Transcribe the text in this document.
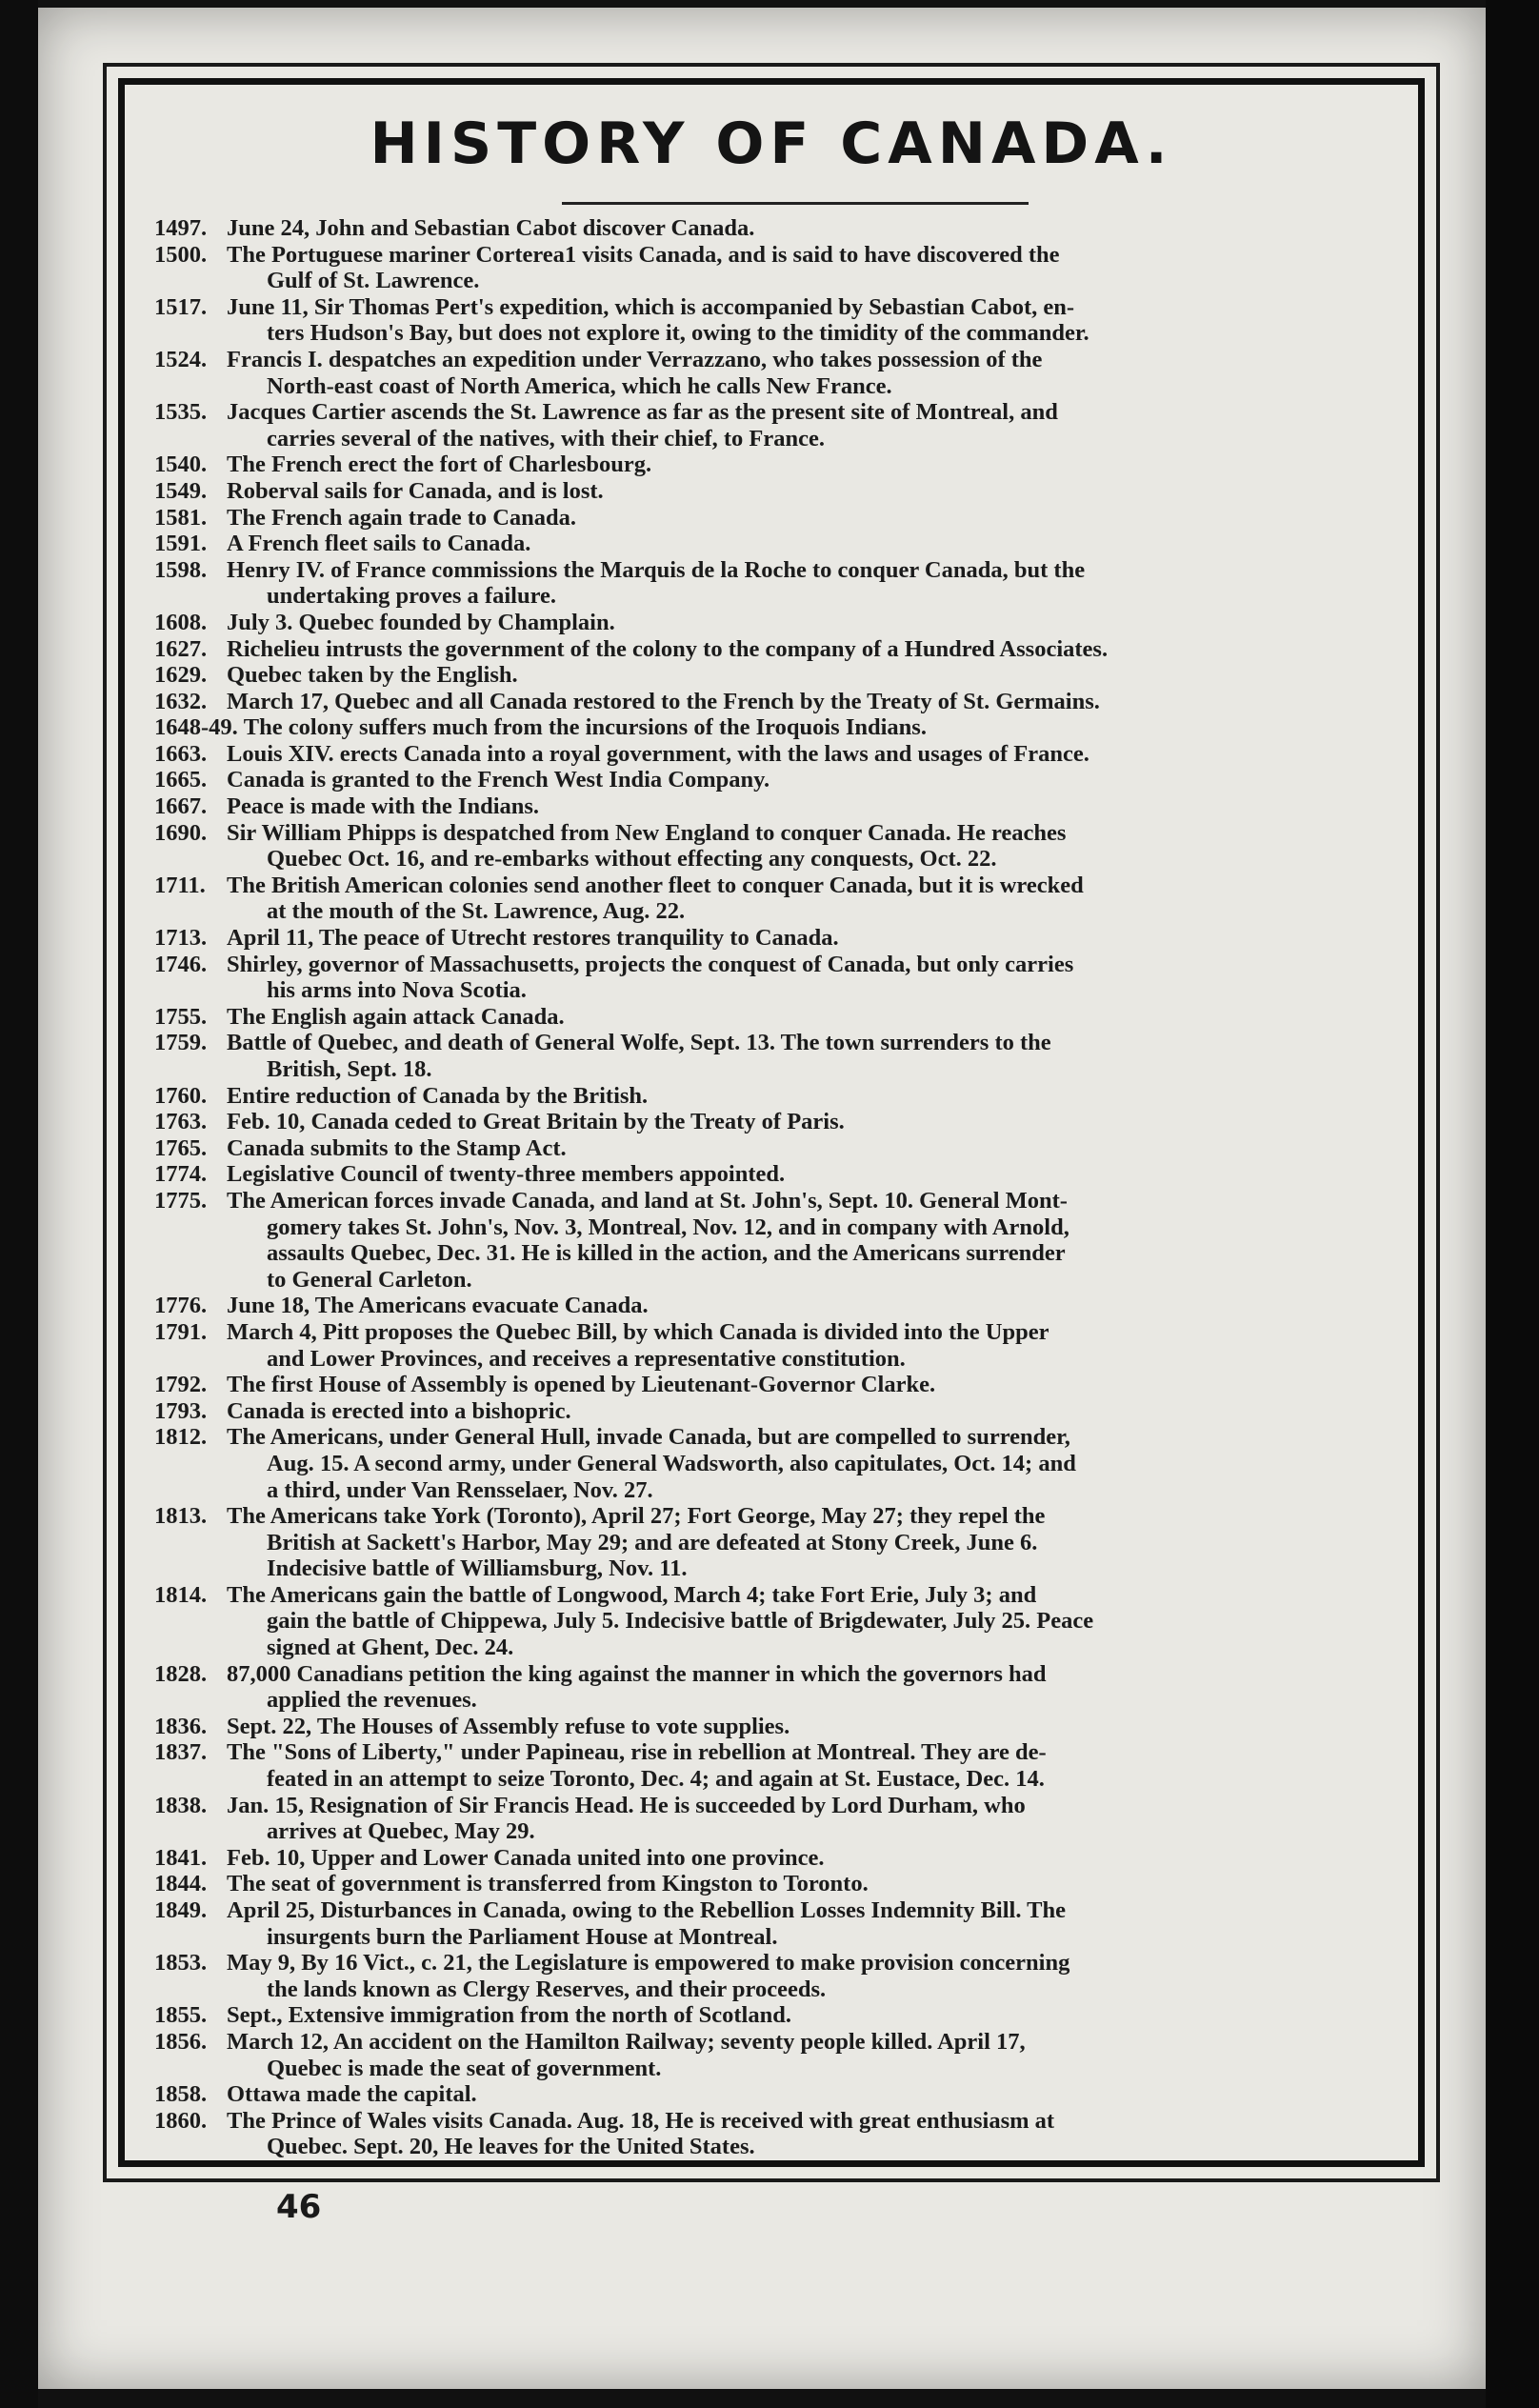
HISTORY OF CANADA.
1497. June 24, John and Sebastian Cabot discover Canada.
1500. The Portuguese mariner Corterea1 visits Canada, and is said to have discovered the
Gulf of St. Lawrence.
1517. June 11, Sir Thomas Pert's expedition, which is accompanied by Sebastian Cabot, en-
ters Hudson's Bay, but does not explore it, owing to the timidity of the commander.
1524. Francis I. despatches an expedition under Verrazzano, who takes possession of the
North-east coast of North America, which he calls New France.
1535. Jacques Cartier ascends the St. Lawrence as far as the present site of Montreal, and
carries several of the natives, with their chief, to France.
1540. The French erect the fort of Charlesbourg.
1549. Roberval sails for Canada, and is lost.
1581. The French again trade to Canada.
1591. A French fleet sails to Canada.
1598. Henry IV. of France commissions the Marquis de la Roche to conquer Canada, but the
undertaking proves a failure.
1608. July 3. Quebec founded by Champlain.
1627. Richelieu intrusts the government of the colony to the company of a Hundred Associates.
1629. Quebec taken by the English.
1632. March 17, Quebec and all Canada restored to the French by the Treaty of St. Germains.
1648-49. The colony suffers much from the incursions of the Iroquois Indians.
1663. Louis XIV. erects Canada into a royal government, with the laws and usages of France.
1665. Canada is granted to the French West India Company.
1667. Peace is made with the Indians.
1690. Sir William Phipps is despatched from New England to conquer Canada. He reaches
Quebec Oct. 16, and re-embarks without effecting any conquests, Oct. 22.
1711. The British American colonies send another fleet to conquer Canada, but it is wrecked
at the mouth of the St. Lawrence, Aug. 22.
1713. April 11, The peace of Utrecht restores tranquility to Canada.
1746. Shirley, governor of Massachusetts, projects the conquest of Canada, but only carries
his arms into Nova Scotia.
1755. The English again attack Canada.
1759. Battle of Quebec, and death of General Wolfe, Sept. 13. The town surrenders to the
British, Sept. 18.
1760. Entire reduction of Canada by the British.
1763. Feb. 10, Canada ceded to Great Britain by the Treaty of Paris.
1765. Canada submits to the Stamp Act.
1774. Legislative Council of twenty-three members appointed.
1775. The American forces invade Canada, and land at St. John's, Sept. 10. General Mont-
gomery takes St. John's, Nov. 3, Montreal, Nov. 12, and in company with Arnold,
assaults Quebec, Dec. 31. He is killed in the action, and the Americans surrender
to General Carleton.
1776. June 18, The Americans evacuate Canada.
1791. March 4, Pitt proposes the Quebec Bill, by which Canada is divided into the Upper
and Lower Provinces, and receives a representative constitution.
1792. The first House of Assembly is opened by Lieutenant-Governor Clarke.
1793. Canada is erected into a bishopric.
1812. The Americans, under General Hull, invade Canada, but are compelled to surrender,
Aug. 15. A second army, under General Wadsworth, also capitulates, Oct. 14; and
a third, under Van Rensselaer, Nov. 27.
1813. The Americans take York (Toronto), April 27; Fort George, May 27; they repel the
British at Sackett's Harbor, May 29; and are defeated at Stony Creek, June 6.
Indecisive battle of Williamsburg, Nov. 11.
1814. The Americans gain the battle of Longwood, March 4; take Fort Erie, July 3; and
gain the battle of Chippewa, July 5. Indecisive battle of Brigdewater, July 25. Peace
signed at Ghent, Dec. 24.
1828. 87,000 Canadians petition the king against the manner in which the governors had
applied the revenues.
1836. Sept. 22, The Houses of Assembly refuse to vote supplies.
1837. The "Sons of Liberty," under Papineau, rise in rebellion at Montreal. They are de-
feated in an attempt to seize Toronto, Dec. 4; and again at St. Eustace, Dec. 14.
1838. Jan. 15, Resignation of Sir Francis Head. He is succeeded by Lord Durham, who
arrives at Quebec, May 29.
1841. Feb. 10, Upper and Lower Canada united into one province.
1844. The seat of government is transferred from Kingston to Toronto.
1849. April 25, Disturbances in Canada, owing to the Rebellion Losses Indemnity Bill. The
insurgents burn the Parliament House at Montreal.
1853. May 9, By 16 Vict., c. 21, the Legislature is empowered to make provision concerning
the lands known as Clergy Reserves, and their proceeds.
1855. Sept., Extensive immigration from the north of Scotland.
1856. March 12, An accident on the Hamilton Railway; seventy people killed. April 17,
Quebec is made the seat of government.
1858. Ottawa made the capital.
1860. The Prince of Wales visits Canada. Aug. 18, He is received with great enthusiasm at
Quebec. Sept. 20, He leaves for the United States.
46
